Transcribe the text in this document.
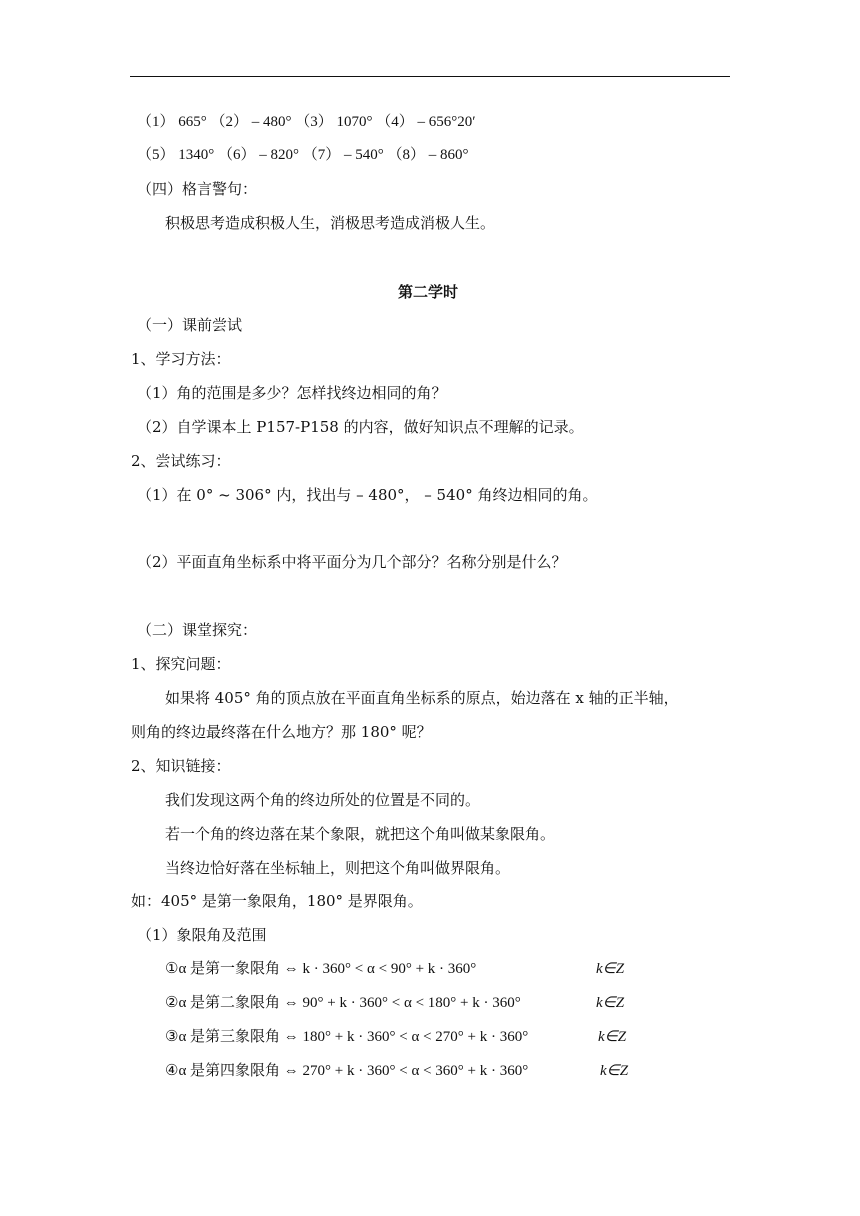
（1） 665° （2） – 480° （3） 1070° （4） – 656°20′
（5） 1340° （6） – 820° （7） – 540° （8） – 860°
（四）格言警句：
积极思考造成积极人生，消极思考造成消极人生。
第二学时
（一）课前尝试
1、学习方法：
（1）角的范围是多少？怎样找终边相同的角？
（2）自学课本上 P157-P158 的内容，做好知识点不理解的记录。
2、尝试练习：
（1）在 0° ~ 306° 内，找出与 – 480°， – 540° 角终边相同的角。
（2）平面直角坐标系中将平面分为几个部分？名称分别是什么？
（二）课堂探究：
1、探究问题：
如果将 405° 角的顶点放在平面直角坐标系的原点，始边落在 x 轴的正半轴，
则角的终边最终落在什么地方？那 180° 呢？
2、知识链接：
我们发现这两个角的终边所处的位置是不同的。
若一个角的终边落在某个象限，就把这个角叫做某象限角。
当终边恰好落在坐标轴上，则把这个角叫做界限角。
如：405° 是第一象限角，180° 是界限角。
（1）象限角及范围
①α 是第一象限角 ⇔ k · 360° < α < 90° + k · 360°	k∈Z
②α 是第二象限角 ⇔ 90° + k · 360° < α < 180° + k · 360°	k∈Z
③α 是第三象限角 ⇔ 180° + k · 360° < α < 270° + k · 360°	k∈Z
④α 是第四象限角 ⇔ 270° + k · 360° < α < 360° + k · 360°	k∈Z
